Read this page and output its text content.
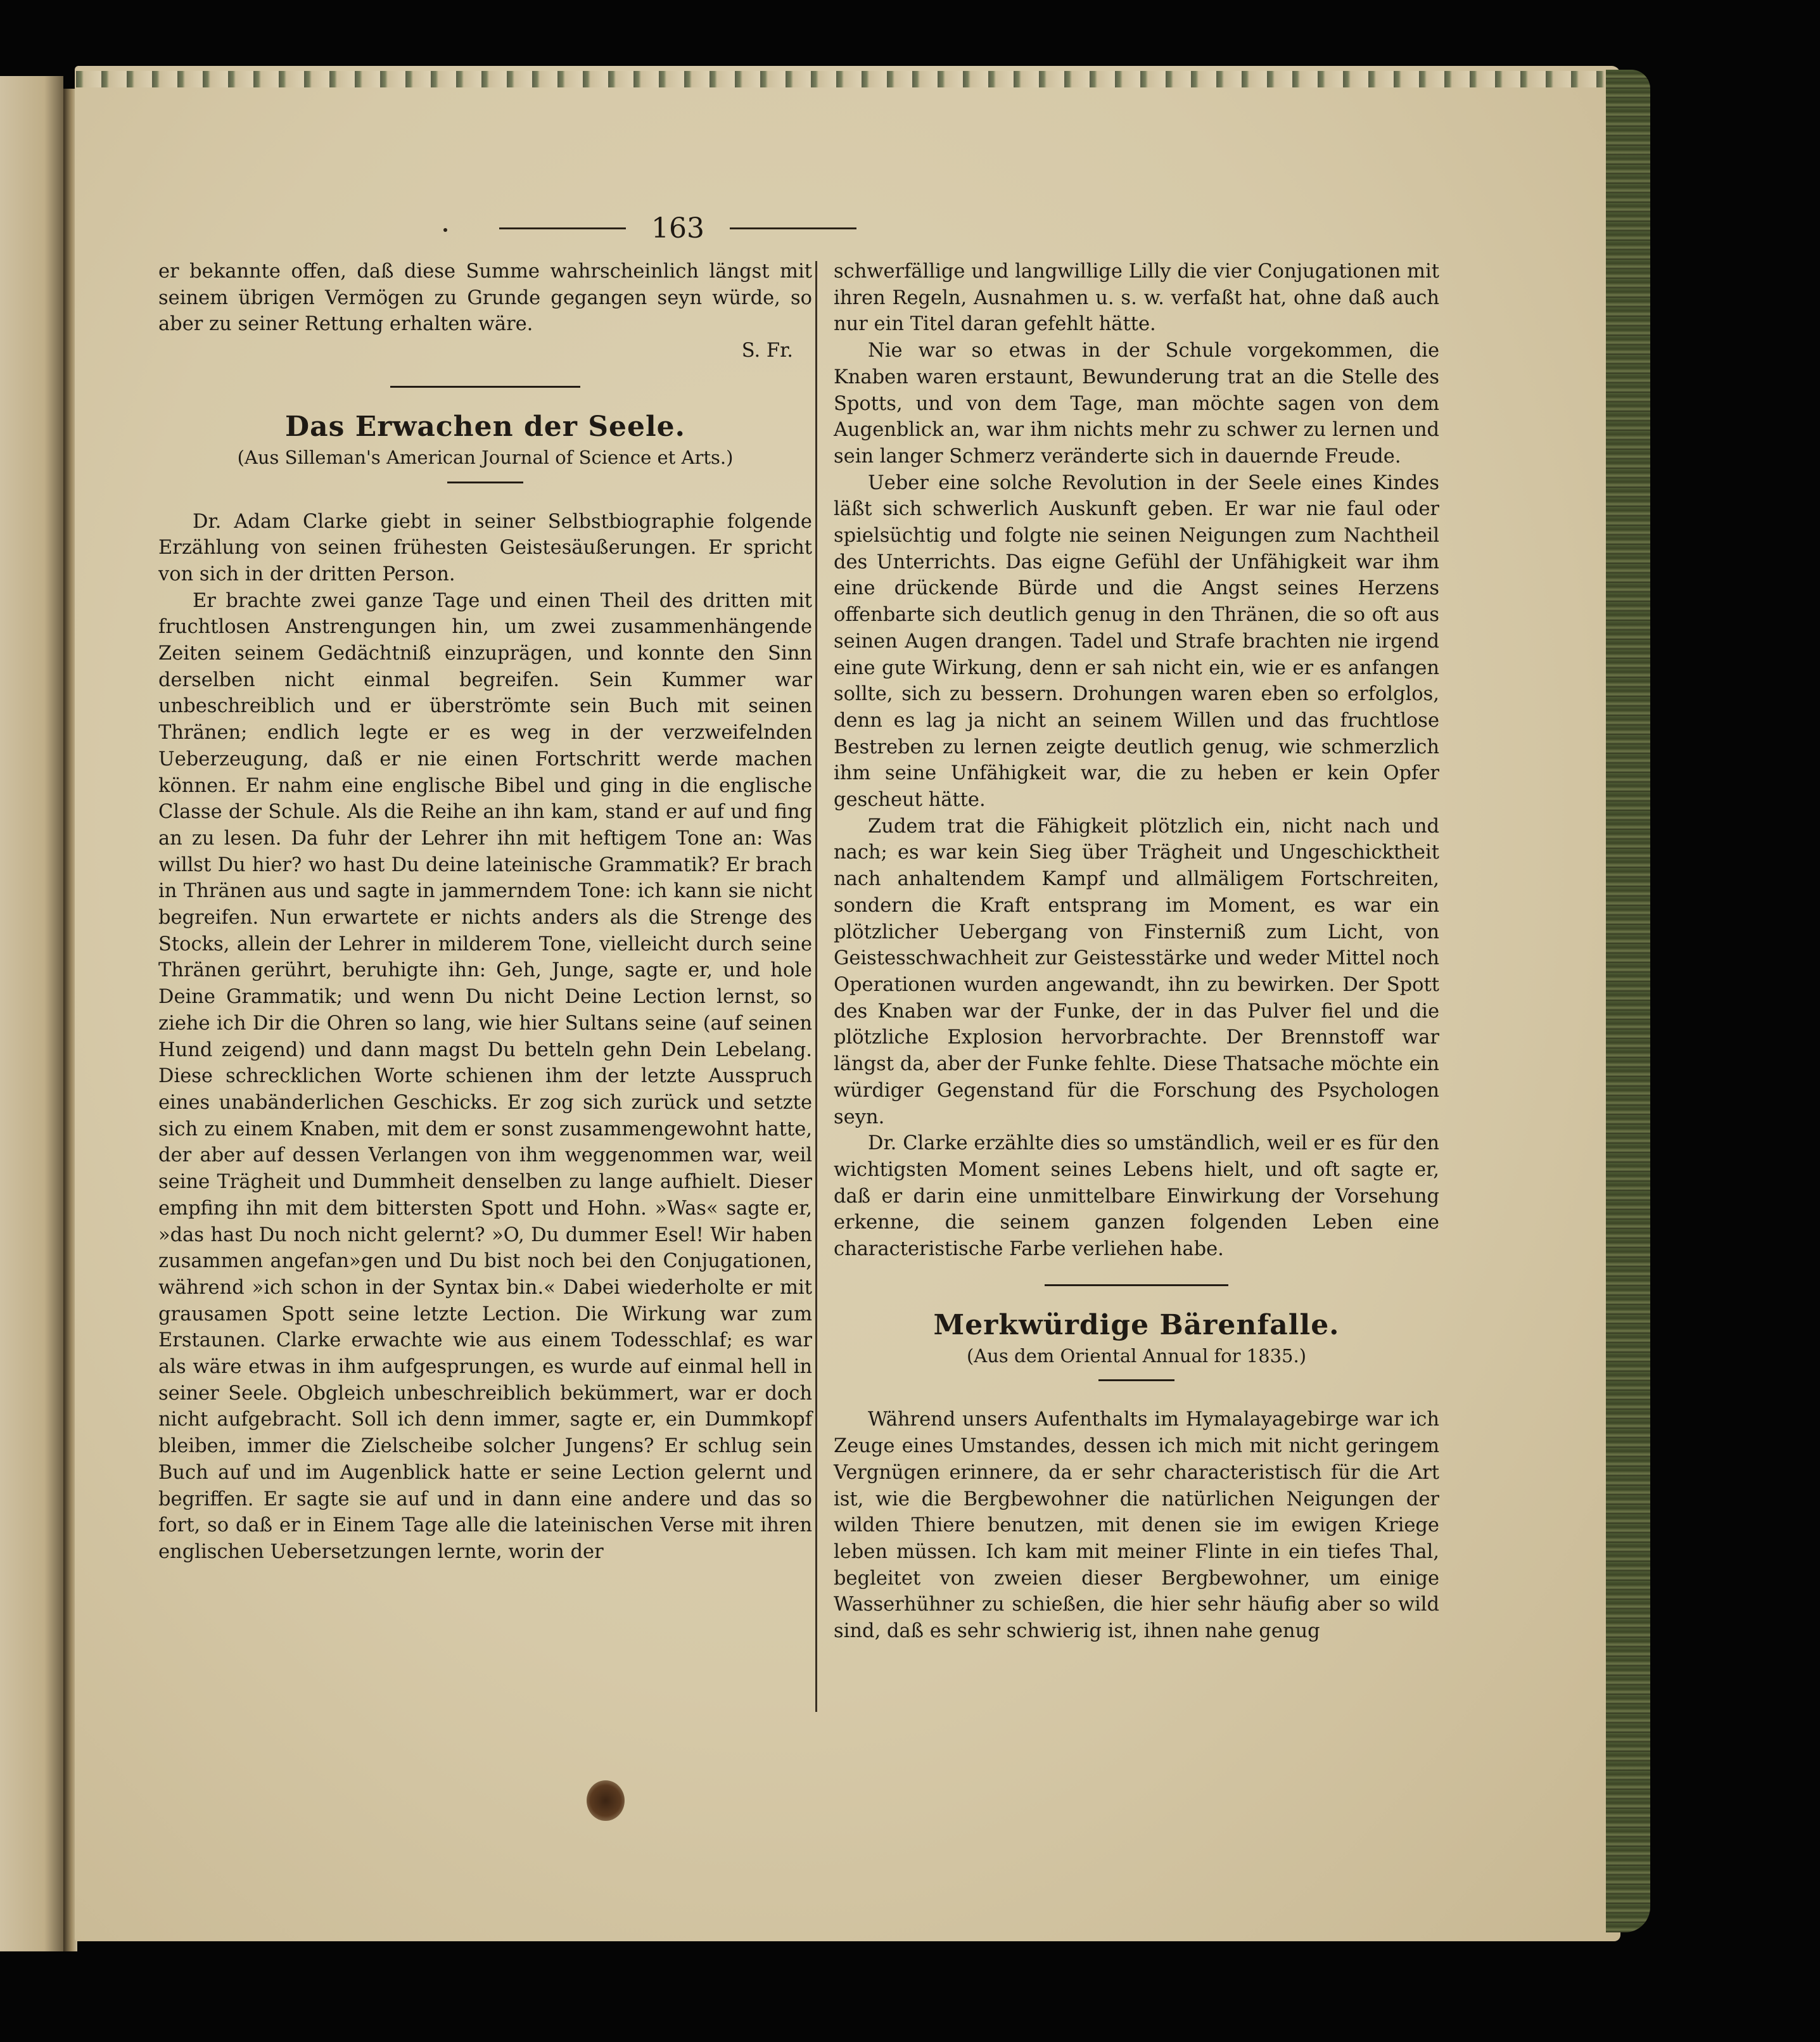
163

er bekannte offen, daß diese Summe wahrscheinlich längst mit seinem übrigen Vermögen zu Grunde gegangen seyn würde, so aber zu seiner Rettung erhalten wäre.

S. Fr.

Das Erwachen der Seele.

(Aus Silleman's American Journal of Science et Arts.)

Dr. Adam Clarke giebt in seiner Selbstbiographie folgende Erzählung von seinen frühesten Geistesäußerungen. Er spricht von sich in der dritten Person.

Er brachte zwei ganze Tage und einen Theil des dritten mit fruchtlosen Anstrengungen hin, um zwei zusammenhängende Zeiten seinem Gedächtniß einzuprägen, und konnte den Sinn derselben nicht einmal begreifen. Sein Kummer war unbeschreiblich und er überströmte sein Buch mit seinen Thränen; endlich legte er es weg in der verzweifelnden Ueberzeugung, daß er nie einen Fortschritt werde machen können. Er nahm eine englische Bibel und ging in die englische Classe der Schule. Als die Reihe an ihn kam, stand er auf und fing an zu lesen. Da fuhr der Lehrer ihn mit heftigem Tone an: Was willst Du hier? wo hast Du deine lateinische Grammatik? Er brach in Thränen aus und sagte in jammerndem Tone: ich kann sie nicht begreifen. Nun erwartete er nichts anders als die Strenge des Stocks, allein der Lehrer in milderem Tone, vielleicht durch seine Thränen gerührt, beruhigte ihn: Geh, Junge, sagte er, und hole Deine Grammatik; und wenn Du nicht Deine Lection lernst, so ziehe ich Dir die Ohren so lang, wie hier Sultans seine (auf seinen Hund zeigend) und dann magst Du betteln gehn Dein Lebelang. Diese schrecklichen Worte schienen ihm der letzte Ausspruch eines unabänderlichen Geschicks. Er zog sich zurück und setzte sich zu einem Knaben, mit dem er sonst zusammengewohnt hatte, der aber auf dessen Verlangen von ihm weggenommen war, weil seine Trägheit und Dummheit denselben zu lange aufhielt. Dieser empfing ihn mit dem bittersten Spott und Hohn. »Was« sagte er, »das hast Du noch nicht gelernt? »O, Du dummer Esel! Wir haben zusammen angefan»gen und Du bist noch bei den Conjugationen, während »ich schon in der Syntax bin.« Dabei wiederholte er mit grausamen Spott seine letzte Lection. Die Wirkung war zum Erstaunen. Clarke erwachte wie aus einem Todesschlaf; es war als wäre etwas in ihm aufgesprungen, es wurde auf einmal hell in seiner Seele. Obgleich unbeschreiblich bekümmert, war er doch nicht aufgebracht. Soll ich denn immer, sagte er, ein Dummkopf bleiben, immer die Zielscheibe solcher Jungens? Er schlug sein Buch auf und im Augenblick hatte er seine Lection gelernt und begriffen. Er sagte sie auf und in dann eine andere und das so fort, so daß er in Einem Tage alle die lateinischen Verse mit ihren englischen Uebersetzungen lernte, worin der

schwerfällige und langwillige Lilly die vier Conjugationen mit ihren Regeln, Ausnahmen u. s. w. verfaßt hat, ohne daß auch nur ein Titel daran gefehlt hätte.

Nie war so etwas in der Schule vorgekommen, die Knaben waren erstaunt, Bewunderung trat an die Stelle des Spotts, und von dem Tage, man möchte sagen von dem Augenblick an, war ihm nichts mehr zu schwer zu lernen und sein langer Schmerz veränderte sich in dauernde Freude.

Ueber eine solche Revolution in der Seele eines Kindes läßt sich schwerlich Auskunft geben. Er war nie faul oder spielsüchtig und folgte nie seinen Neigungen zum Nachtheil des Unterrichts. Das eigne Gefühl der Unfähigkeit war ihm eine drückende Bürde und die Angst seines Herzens offenbarte sich deutlich genug in den Thränen, die so oft aus seinen Augen drangen. Tadel und Strafe brachten nie irgend eine gute Wirkung, denn er sah nicht ein, wie er es anfangen sollte, sich zu bessern. Drohungen waren eben so erfolglos, denn es lag ja nicht an seinem Willen und das fruchtlose Bestreben zu lernen zeigte deutlich genug, wie schmerzlich ihm seine Unfähigkeit war, die zu heben er kein Opfer gescheut hätte.

Zudem trat die Fähigkeit plötzlich ein, nicht nach und nach; es war kein Sieg über Trägheit und Ungeschicktheit nach anhaltendem Kampf und allmäligem Fortschreiten, sondern die Kraft entsprang im Moment, es war ein plötzlicher Uebergang von Finsterniß zum Licht, von Geistesschwachheit zur Geistesstärke und weder Mittel noch Operationen wurden angewandt, ihn zu bewirken. Der Spott des Knaben war der Funke, der in das Pulver fiel und die plötzliche Explosion hervorbrachte. Der Brennstoff war längst da, aber der Funke fehlte. Diese Thatsache möchte ein würdiger Gegenstand für die Forschung des Psychologen seyn.

Dr. Clarke erzählte dies so umständlich, weil er es für den wichtigsten Moment seines Lebens hielt, und oft sagte er, daß er darin eine unmittelbare Einwirkung der Vorsehung erkenne, die seinem ganzen folgenden Leben eine characteristische Farbe verliehen habe.

Merkwürdige Bärenfalle.

(Aus dem Oriental Annual for 1835.)

Während unsers Aufenthalts im Hymalayagebirge war ich Zeuge eines Umstandes, dessen ich mich mit nicht geringem Vergnügen erinnere, da er sehr characteristisch für die Art ist, wie die Bergbewohner die natürlichen Neigungen der wilden Thiere benutzen, mit denen sie im ewigen Kriege leben müssen. Ich kam mit meiner Flinte in ein tiefes Thal, begleitet von zweien dieser Bergbewohner, um einige Wasserhühner zu schießen, die hier sehr häufig aber so wild sind, daß es sehr schwierig ist, ihnen nahe genug
